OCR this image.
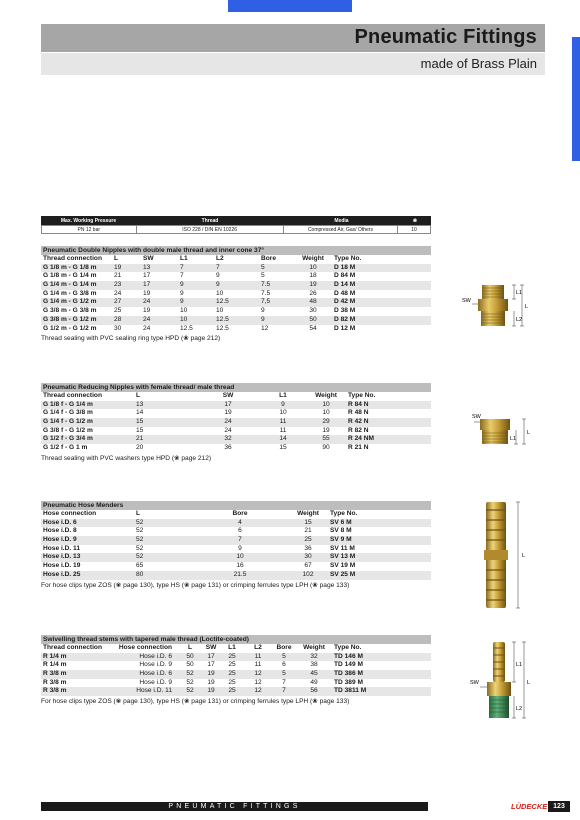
Pneumatic Fittings
made of Brass Plain
Max. Working Pressure	Thread	Media	❀
PN 12 bar	ISO 228 / DIN EN 10226	Compressed Air, Gas/ Others	10
Pneumatic Double Nipples with double male thread and inner cone 37°
Thread connection	L	SW	L1	L2	Bore	Weight	Type No.
G 1/8 m - G 1/8 m	19	13	7	7	5	10	D 18 M
G 1/8 m - G 1/4 m	21	17	7	9	5	18	D 84 M
G 1/4 m - G 1/4 m	23	17	9	9	7.5	19	D 14 M
G 1/4 m - G 3/8 m	24	19	9	10	7.5	26	D 48 M
G 1/4 m - G 1/2 m	27	24	9	12.5	7,5	48	D 42 M
G 3/8 m - G 3/8 m	25	19	10	10	9	30	D 38 M
G 3/8 m - G 1/2 m	28	24	10	12.5	9	50	D 82 M
G 1/2 m - G 1/2 m	30	24	12.5	12.5	12	54	D 12 M
Thread sealing with PVC sealing ring type HPD (❀ page 212)
Pneumatic Reducing Nipples with female thread/ male thread
Thread connection	L	SW	L1	Weight	Type No.
G 1/8 f - G 1/4 m	13	17	9	10	R 84 N
G 1/4 f - G 3/8 m	14	19	10	10	R 48 N
G 1/4 f - G 1/2 m	15	24	11	29	R 42 N
G 3/8 f - G 1/2 m	15	24	11	19	R 82 N
G 1/2 f - G 3/4 m	21	32	14	55	R 24 NM
G 1/2 f - G 1 m	20	36	15	90	R 21 N
Thread sealing with PVC washers type HPD (❀ page 212)
Pneumatic Hose Menders
Hose connection	L	Bore	Weight	Type No.
Hose i.D. 6	52	4	15	SV 6 M
Hose i.D. 8	52	6	21	SV 8 M
Hose i.D. 9	52	7	25	SV 9 M
Hose i.D. 11	52	9	36	SV 11 M
Hose i.D. 13	52	10	30	SV 13 M
Hose i.D. 19	65	16	67	SV 19 M
Hose i.D. 25	80	21.5	102	SV 25 M
For hose clips type ZOS (❀ page 130), type HS (❀ page 131) or crimping ferrules type LPH (❀ page 133)
Swivelling thread stems with tapered male thread (Loctite-coated)
Thread connection	Hose connection	L	SW	L1	L2	Bore	Weight	Type No.
R 1/4 m	Hose i.D. 6	50	17	25	11	5	32	TD 146 M
R 1/4 m	Hose i.D. 9	50	17	25	11	6	38	TD 149 M
R 3/8 m	Hose i.D. 6	52	19	25	12	5	45	TD 386 M
R 3/8 m	Hose i.D. 9	52	19	25	12	7	49	TD 389 M
R 3/8 m	Hose i.D. 11	52	19	25	12	7	56	TD 3811 M
For hose clips type ZOS (❀ page 130), type HS (❀ page 131) or crimping ferrules type LPH (❀ page 133)
SW
L1
L2
L
SW
L1
L
L
SW
L1
L
L2
PNEUMATIC FITTINGS	LÜDECKE 123
